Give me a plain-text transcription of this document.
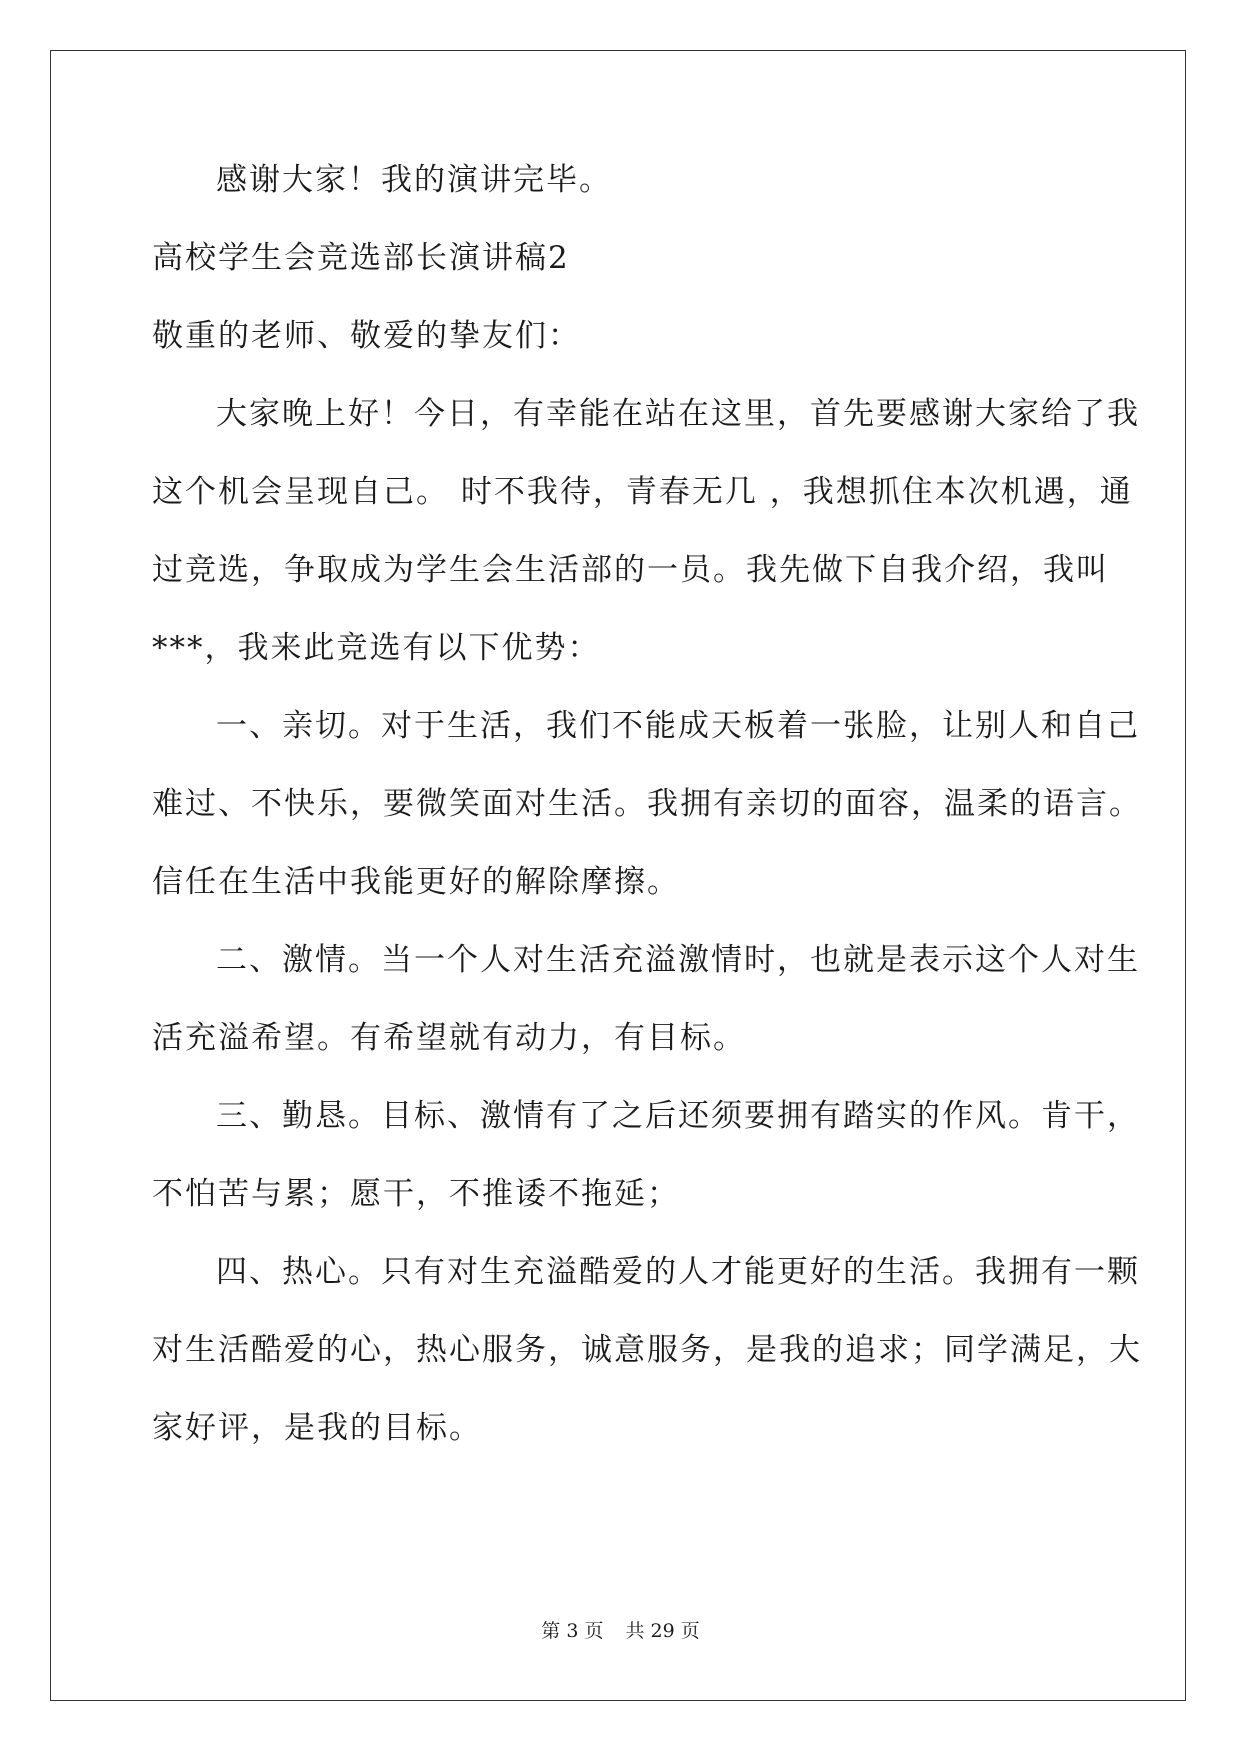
感谢大家！我的演讲完毕。
高校学生会竞选部长演讲稿2
敬重的老师、敬爱的挚友们：
大家晚上好！今日，有幸能在站在这里，首先要感谢大家给了我
这个机会呈现自己。 时不我待，青春无几 ，我想抓住本次机遇，通
过竞选，争取成为学生会生活部的一员。我先做下自我介绍，我叫
***，我来此竞选有以下优势：
一、亲切。对于生活，我们不能成天板着一张脸，让别人和自己
难过、不快乐，要微笑面对生活。我拥有亲切的面容，温柔的语言。
信任在生活中我能更好的解除摩擦。
二、激情。当一个人对生活充溢激情时，也就是表示这个人对生
活充溢希望。有希望就有动力，有目标。
三、勤恳。目标、激情有了之后还须要拥有踏实的作风。肯干，
不怕苦与累；愿干，不推诿不拖延；
四、热心。只有对生充溢酷爱的人才能更好的生活。我拥有一颗
对生活酷爱的心，热心服务，诚意服务，是我的追求；同学满足，大
家好评，是我的目标。
第 3 页 共 29 页
